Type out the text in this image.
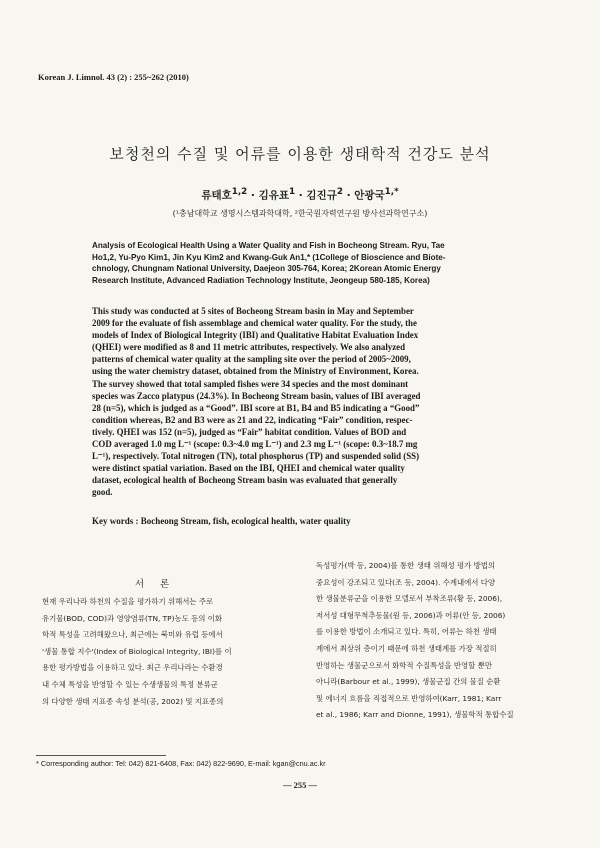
Korean J. Limnol. 43 (2) : 255~262 (2010)
보청천의 수질 및 어류를 이용한 생태학적 건강도 분석
류태호$^{1,2}$ · 김유표$^1$ · 김진규$^2$ · 안광국$^{1,*}$
(¹충남대학교 생명시스템과학대학, ²한국원자력연구원 방사선과학연구소)
Analysis of Ecological Health Using a Water Quality and Fish in Bocheong Stream. Ryu, Tae
Ho1,2, Yu-Pyo Kim1, Jin Kyu Kim2 and Kwang-Guk An1,* (1College of Bioscience and Biote-
chnology, Chungnam National University, Daejeon 305-764, Korea; 2Korean Atomic Energy
Research Institute, Advanced Radiation Technology Institute, Jeongeup 580-185, Korea)
This study was conducted at 5 sites of Bocheong Stream basin in May and September
2009 for the evaluate of fish assemblage and chemical water quality. For the study, the
models of Index of Biological Integrity (IBI) and Qualitative Habitat Evaluation Index
(QHEI) were modified as 8 and 11 metric attributes, respectively. We also analyzed
patterns of chemical water quality at the sampling site over the period of 2005~2009,
using the water chemistry dataset, obtained from the Ministry of Environment, Korea.
The survey showed that total sampled fishes were 34 species and the most dominant
species was Zacco platypus (24.3%). In Bocheong Stream basin, values of IBI averaged
28 (n=5), which is judged as a “Good”. IBI score at B1, B4 and B5 indicating a “Good”
condition whereas, B2 and B3 were as 21 and 22, indicating “Fair” condition, respec-
tively. QHEI was 152 (n=5), judged as “Fair” habitat condition. Values of BOD and
COD averaged 1.0 mg L⁻¹ (scope: 0.3~4.0 mg L⁻¹) and 2.3 mg L⁻¹ (scope: 0.3~18.7 mg
L⁻¹), respectively. Total nitrogen (TN), total phosphorus (TP) and suspended solid (SS)
were distinct spatial variation. Based on the IBI, QHEI and chemical water quality
dataset, ecological health of Bocheong Stream basin was evaluated that generally
good.
Key words : Bocheong Stream, fish, ecological health, water quality
서론
현재 우리나라 하천의 수질을 평가하기 위해서는 주로
유기물(BOD, COD)과 영양염류(TN, TP)농도 등의 이화
학적 특성을 고려해왔으나, 최근에는 북미와 유럽 등에서
'생물 통합 지수'(Index of Biological Integrity, IBI)를 이
용한 평가방법을 이용하고 있다. 최근 우리나라는 수환경
내 수체 특성을 반영할 수 있는 수생생물의 특정 분류군
의 다양한 생태 지표종 속성 분석(공, 2002) 및 지표종의
독성평가(박 등, 2004)를 통한 생태 위해성 평가 방법의
중요성이 강조되고 있다(조 등, 2004). 수계내에서 다양
한 생물분류군을 이용한 모델로서 부착조류(황 등, 2006),
저서성 대형무척추동물(원 등, 2006)과 어류(안 등, 2006)
를 이용한 방법이 소개되고 있다. 특히, 어류는 하천 생태
계에서 최상위 층이기 때문에 하천 생태계를 가장 적절히
반영하는 생물군으로서 화학적 수질특성을 반영할 뿐만
아니라(Barbour et al., 1999), 생물군집 간의 물질 순환
및 에너지 흐름을 직접적으로 반영하여(Karr, 1981; Karr
et al., 1986; Karr and Dionne, 1991), 생물학적 통합수질
* Corresponding author: Tel: 042) 821-6408, Fax: 042) 822-9690, E-mail: kgan@cnu.ac.kr
— 255 —
